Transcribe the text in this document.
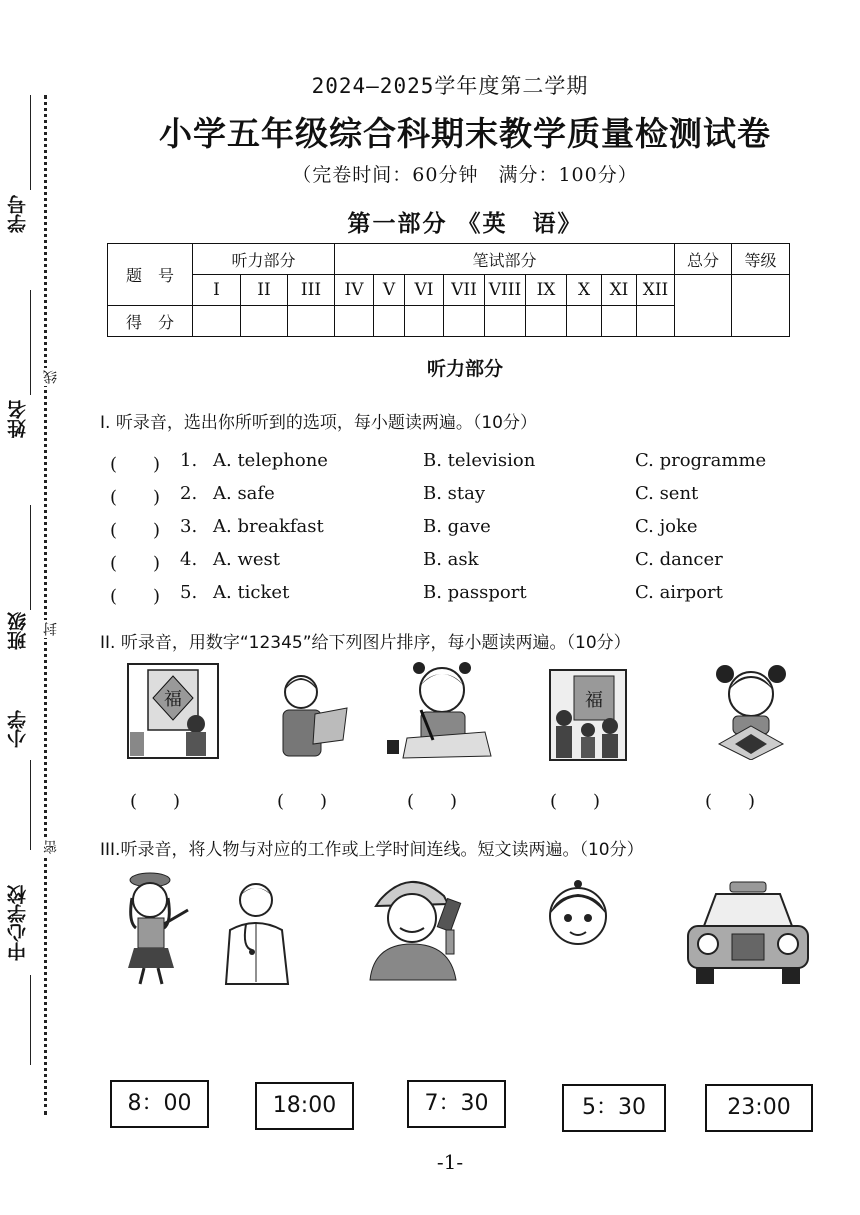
学号
姓名
线
班级 封
小学
密
中心学校
2024—2025学年度第二学期
小学五年级综合科期末教学质量检测试卷
（完卷时间：60分钟　满分：100分）
第一部分 《英　语》
题　号	听力部分			笔试部分									总分	等级
	I	II	III	IV	V	VI	VII	VIII	IX	X	XI	XII		
得　分														
听力部分
I. 听录音，选出你所听到的选项，每小题读两遍。（10分）
(　　) 1. A. telephone	B. television	C. programme
(　　) 2. A. safe	B. stay	C. sent
(　　) 3. A. breakfast	B. gave	C. joke
(　　) 4. A. west	B. ask	C. dancer
(　　) 5. A. ticket	B. passport	C. airport
II. 听录音，用数字“12345”给下列图片排序，每小题读两遍。（10分）
福	福
(　　)	(　　)	(　　)	(　　)	(　　)
III.听录音，将人物与对应的工作或上学时间连线。短文读两遍。（10分）
8：00	18:00	7：30	5：30	23:00
-1-
